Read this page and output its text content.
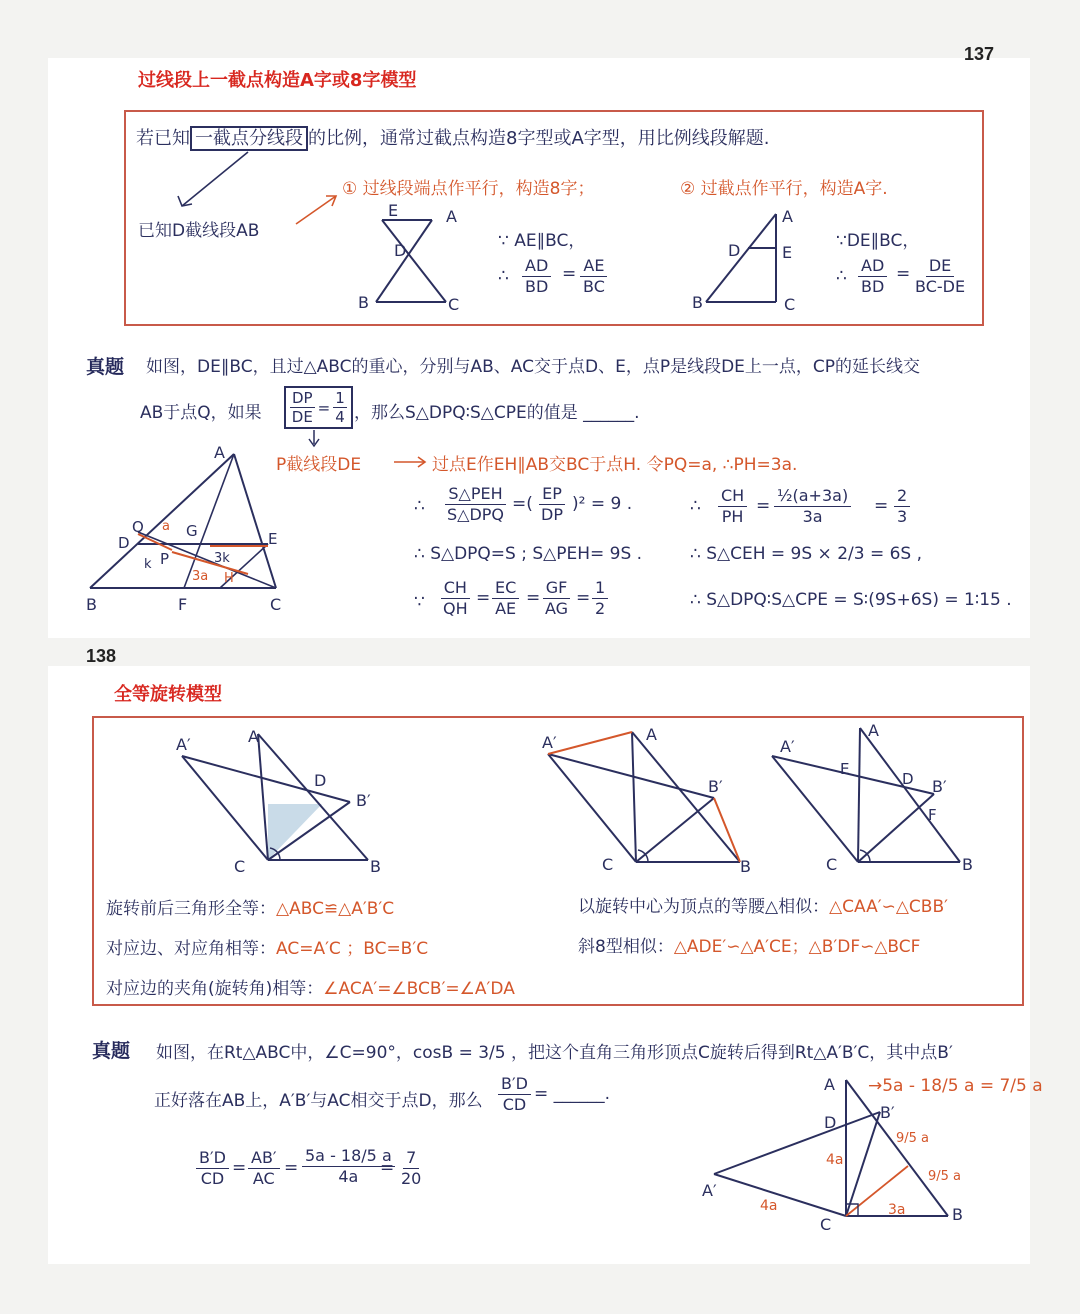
137
过线段上一截点构造A字或8字模型
若已知 一截点分线段 的比例，通常过截点构造8字型或A字型，用比例线段解题.
已知D截线段AB
① 过线段端点作平行，构造8字；	② 过截点作平行，构造A字.
E	A
D
B	C
∵ AE∥BC，
∴ $\frac{AD}{BD} = \frac{AE}{BC}$
A
D	E
B	C
∵DE∥BC，
∴ $\frac{AD}{BD} = \frac{DE}{BC-DE}$
真题 如图，DE∥BC，且过△ABC的重心，分别与AB、AC交于点D、E，点P是线段DE上一点，CP的延长线交
AB于点Q，如果 $\frac{DP}{DE} = \frac{1}{4}$ ，那么S△DPQ∶S△CPE的值是 ______.
P截线段DE	过点E作EH∥AB交BC于点H. 令PQ=a, ∴PH=3a.
A
Q a G
D	E
k P	3k
3a H
B	F	C
∴
S△PEH
S△DPQ
=( $\frac{EP}{DP} )^2 = 9$ .
∴ S△DPQ=S ; S△PEH= 9S .
∵ $\frac{CH}{QH} = \frac{EC}{AE} = \frac{GF}{AG} = \frac{1}{2}$
∴ $\frac{CH}{PH} = \frac{\text{½(a+3a)}}{3a} = \frac{2}{3}$
∴ S△CEH = 9S × 2/3 = 6S ,
∴ S△DPQ∶S△CPE = S∶(9S+6S) = 1∶15 .
138
全等旋转模型
A′	A
D
B′
C	B
A′	A
B′
C	B
A′
A
E
D B′
F
C	B
旋转前后三角形全等：△ABC≌△A′B′C
对应边、对应角相等：AC=A′C ；BC=B′C
对应边的夹角(旋转角)相等：∠ACA′=∠BCB′=∠A′DA
以旋转中心为顶点的等腰△相似：△CAA′∽△CBB′
斜8型相似：△ADE′∽△A′CE；△B′DF∽△BCF
真题 如图，在Rt△ABC中，∠C=90°，cosB = 3/5 ，把这个直角三角形顶点C旋转后得到Rt△A′B′C，其中点B′
正好落在AB上，A′B′与AC相交于点D，那么 $\frac{B'D}{CD}$ = ______.
$\frac{B'D}{CD} = \frac{AB'}{AC} = \frac{5a - 18/5 a}{4a}$
= $\frac{7}{20}$
→5a - 18/5 a = 7/5 a
A
D
B′
4a
9/5 a
9/5 a
A′
4a
C
3a	B
